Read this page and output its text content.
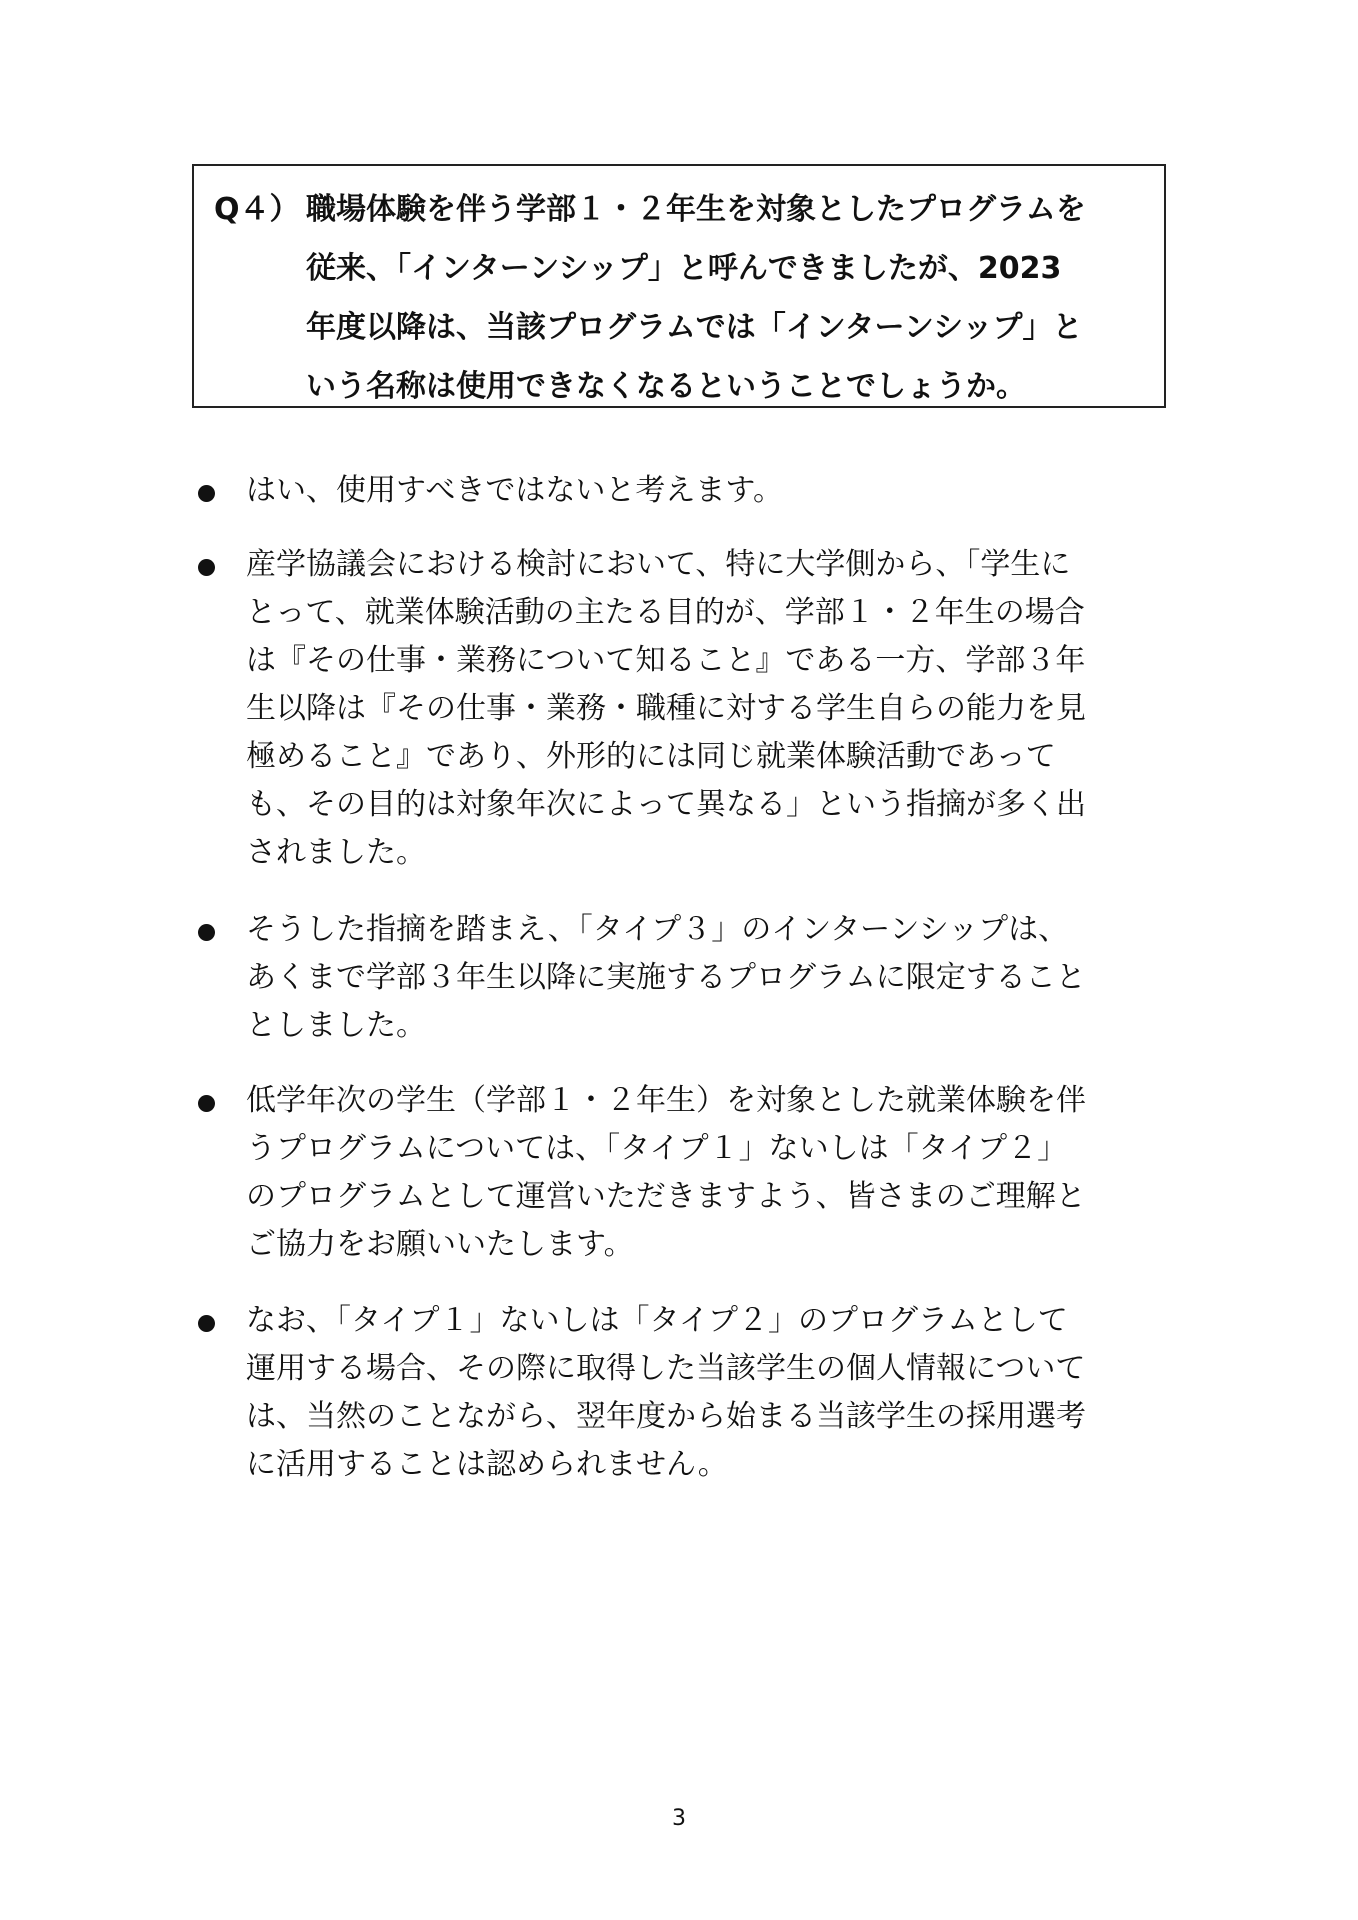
Q４） 職場体験を伴う学部１・２年生を対象としたプログラムを
従来、「インターンシップ」と呼んできましたが、2023
年度以降は、当該プログラムでは「インターンシップ」と
いう名称は使用できなくなるということでしょうか。
はい、使用すべきではないと考えます。
産学協議会における検討において、特に大学側から、「学生に
とって、就業体験活動の主たる目的が、学部１・２年生の場合
は『その仕事・業務について知ること』である一方、学部３年
生以降は『その仕事・業務・職種に対する学生自らの能力を見
極めること』であり、外形的には同じ就業体験活動であって
も、その目的は対象年次によって異なる」という指摘が多く出
されました。
そうした指摘を踏まえ、「タイプ３」のインターンシップは、
あくまで学部３年生以降に実施するプログラムに限定すること
としました。
低学年次の学生（学部１・２年生）を対象とした就業体験を伴
うプログラムについては、「タイプ１」ないしは「タイプ２」
のプログラムとして運営いただきますよう、皆さまのご理解と
ご協力をお願いいたします。
なお、「タイプ１」ないしは「タイプ２」のプログラムとして
運用する場合、その際に取得した当該学生の個人情報について
は、当然のことながら、翌年度から始まる当該学生の採用選考
に活用することは認められません。
3
